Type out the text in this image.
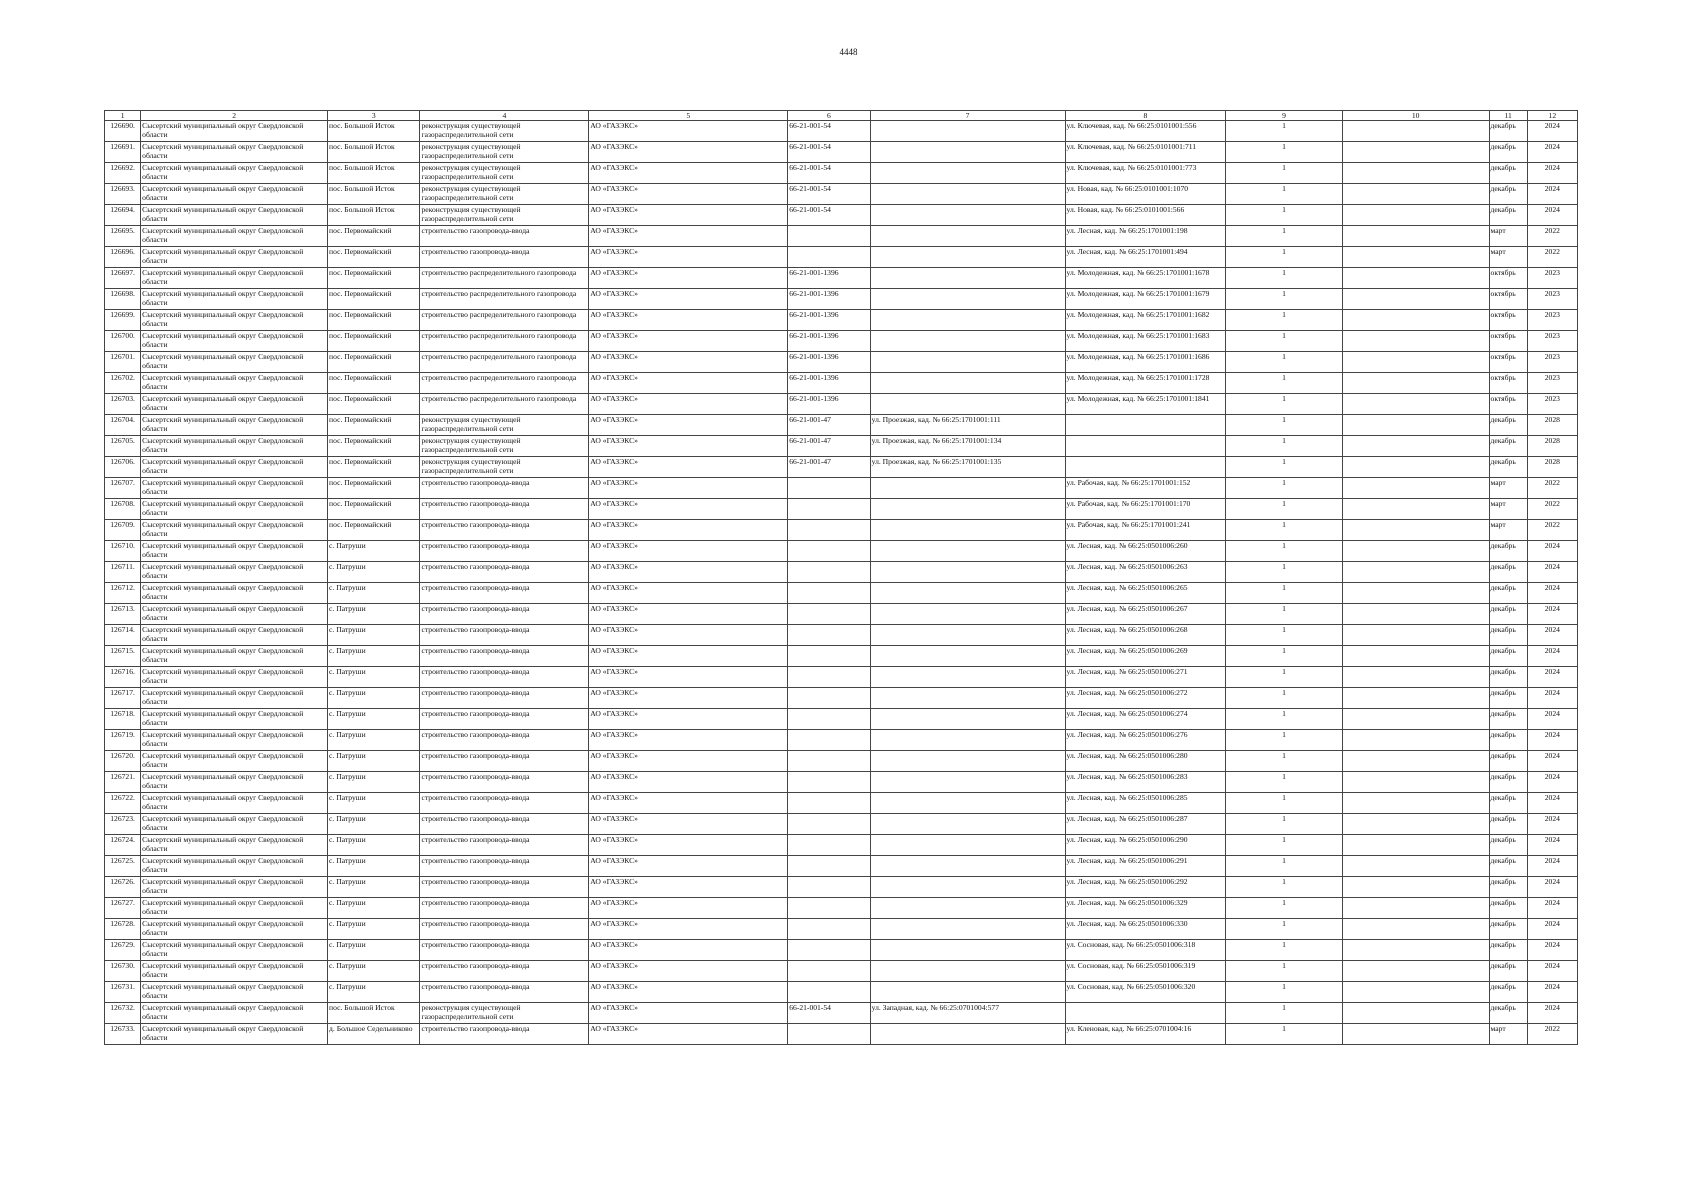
4448
1	2	3	4	5	6	7	8	9	10	11	12
126690.	Сысертский муниципальный округ Свердловской области	пос. Большой Исток	реконструкция существующей газораспределительной сети	АО «ГАЗЭКС»	66-21-001-54		ул. Ключевая, кад. № 66:25:0101001:556	1		декабрь	2024
126691.	Сысертский муниципальный округ Свердловской области	пос. Большой Исток	реконструкция существующей газораспределительной сети	АО «ГАЗЭКС»	66-21-001-54		ул. Ключевая, кад. № 66:25:0101001:711	1		декабрь	2024
126692.	Сысертский муниципальный округ Свердловской области	пос. Большой Исток	реконструкция существующей газораспределительной сети	АО «ГАЗЭКС»	66-21-001-54		ул. Ключевая, кад. № 66:25:0101001:773	1		декабрь	2024
126693.	Сысертский муниципальный округ Свердловской области	пос. Большой Исток	реконструкция существующей газораспределительной сети	АО «ГАЗЭКС»	66-21-001-54		ул. Новая, кад. № 66:25:0101001:1070	1		декабрь	2024
126694.	Сысертский муниципальный округ Свердловской области	пос. Большой Исток	реконструкция существующей газораспределительной сети	АО «ГАЗЭКС»	66-21-001-54		ул. Новая, кад. № 66:25:0101001:566	1		декабрь	2024
126695.	Сысертский муниципальный округ Свердловской области	пос. Первомайский	строительство газопровода-ввода	АО «ГАЗЭКС»			ул. Лесная, кад. № 66:25:1701001:198	1		март	2022
126696.	Сысертский муниципальный округ Свердловской области	пос. Первомайский	строительство газопровода-ввода	АО «ГАЗЭКС»			ул. Лесная, кад. № 66:25:1701001:494	1		март	2022
126697.	Сысертский муниципальный округ Свердловской области	пос. Первомайский	строительство распределительного газопровода	АО «ГАЗЭКС»	66-21-001-1396		ул. Молодежная, кад. № 66:25:1701001:1678	1		октябрь	2023
126698.	Сысертский муниципальный округ Свердловской области	пос. Первомайский	строительство распределительного газопровода	АО «ГАЗЭКС»	66-21-001-1396		ул. Молодежная, кад. № 66:25:1701001:1679	1		октябрь	2023
126699.	Сысертский муниципальный округ Свердловской области	пос. Первомайский	строительство распределительного газопровода	АО «ГАЗЭКС»	66-21-001-1396		ул. Молодежная, кад. № 66:25:1701001:1682	1		октябрь	2023
126700.	Сысертский муниципальный округ Свердловской области	пос. Первомайский	строительство распределительного газопровода	АО «ГАЗЭКС»	66-21-001-1396		ул. Молодежная, кад. № 66:25:1701001:1683	1		октябрь	2023
126701.	Сысертский муниципальный округ Свердловской области	пос. Первомайский	строительство распределительного газопровода	АО «ГАЗЭКС»	66-21-001-1396		ул. Молодежная, кад. № 66:25:1701001:1686	1		октябрь	2023
126702.	Сысертский муниципальный округ Свердловской области	пос. Первомайский	строительство распределительного газопровода	АО «ГАЗЭКС»	66-21-001-1396		ул. Молодежная, кад. № 66:25:1701001:1728	1		октябрь	2023
126703.	Сысертский муниципальный округ Свердловской области	пос. Первомайский	строительство распределительного газопровода	АО «ГАЗЭКС»	66-21-001-1396		ул. Молодежная, кад. № 66:25:1701001:1841	1		октябрь	2023
126704.	Сысертский муниципальный округ Свердловской области	пос. Первомайский	реконструкция существующей газораспределительной сети	АО «ГАЗЭКС»	66-21-001-47	ул. Проезжая, кад. № 66:25:1701001:111		1		декабрь	2028
126705.	Сысертский муниципальный округ Свердловской области	пос. Первомайский	реконструкция существующей газораспределительной сети	АО «ГАЗЭКС»	66-21-001-47	ул. Проезжая, кад. № 66:25:1701001:134		1		декабрь	2028
126706.	Сысертский муниципальный округ Свердловской области	пос. Первомайский	реконструкция существующей газораспределительной сети	АО «ГАЗЭКС»	66-21-001-47	ул. Проезжая, кад. № 66:25:1701001:135		1		декабрь	2028
126707.	Сысертский муниципальный округ Свердловской области	пос. Первомайский	строительство газопровода-ввода	АО «ГАЗЭКС»			ул. Рабочая, кад. № 66:25:1701001:152	1		март	2022
126708.	Сысертский муниципальный округ Свердловской области	пос. Первомайский	строительство газопровода-ввода	АО «ГАЗЭКС»			ул. Рабочая, кад. № 66:25:1701001:170	1		март	2022
126709.	Сысертский муниципальный округ Свердловской области	пос. Первомайский	строительство газопровода-ввода	АО «ГАЗЭКС»			ул. Рабочая, кад. № 66:25:1701001:241	1		март	2022
126710.	Сысертский муниципальный округ Свердловской области	с. Патруши	строительство газопровода-ввода	АО «ГАЗЭКС»			ул. Лесная, кад. № 66:25:0501006:260	1		декабрь	2024
126711.	Сысертский муниципальный округ Свердловской области	с. Патруши	строительство газопровода-ввода	АО «ГАЗЭКС»			ул. Лесная, кад. № 66:25:0501006:263	1		декабрь	2024
126712.	Сысертский муниципальный округ Свердловской области	с. Патруши	строительство газопровода-ввода	АО «ГАЗЭКС»			ул. Лесная, кад. № 66:25:0501006:265	1		декабрь	2024
126713.	Сысертский муниципальный округ Свердловской области	с. Патруши	строительство газопровода-ввода	АО «ГАЗЭКС»			ул. Лесная, кад. № 66:25:0501006:267	1		декабрь	2024
126714.	Сысертский муниципальный округ Свердловской области	с. Патруши	строительство газопровода-ввода	АО «ГАЗЭКС»			ул. Лесная, кад. № 66:25:0501006:268	1		декабрь	2024
126715.	Сысертский муниципальный округ Свердловской области	с. Патруши	строительство газопровода-ввода	АО «ГАЗЭКС»			ул. Лесная, кад. № 66:25:0501006:269	1		декабрь	2024
126716.	Сысертский муниципальный округ Свердловской области	с. Патруши	строительство газопровода-ввода	АО «ГАЗЭКС»			ул. Лесная, кад. № 66:25:0501006:271	1		декабрь	2024
126717.	Сысертский муниципальный округ Свердловской области	с. Патруши	строительство газопровода-ввода	АО «ГАЗЭКС»			ул. Лесная, кад. № 66:25:0501006:272	1		декабрь	2024
126718.	Сысертский муниципальный округ Свердловской области	с. Патруши	строительство газопровода-ввода	АО «ГАЗЭКС»			ул. Лесная, кад. № 66:25:0501006:274	1		декабрь	2024
126719.	Сысертский муниципальный округ Свердловской области	с. Патруши	строительство газопровода-ввода	АО «ГАЗЭКС»			ул. Лесная, кад. № 66:25:0501006:276	1		декабрь	2024
126720.	Сысертский муниципальный округ Свердловской области	с. Патруши	строительство газопровода-ввода	АО «ГАЗЭКС»			ул. Лесная, кад. № 66:25:0501006:280	1		декабрь	2024
126721.	Сысертский муниципальный округ Свердловской области	с. Патруши	строительство газопровода-ввода	АО «ГАЗЭКС»			ул. Лесная, кад. № 66:25:0501006:283	1		декабрь	2024
126722.	Сысертский муниципальный округ Свердловской области	с. Патруши	строительство газопровода-ввода	АО «ГАЗЭКС»			ул. Лесная, кад. № 66:25:0501006:285	1		декабрь	2024
126723.	Сысертский муниципальный округ Свердловской области	с. Патруши	строительство газопровода-ввода	АО «ГАЗЭКС»			ул. Лесная, кад. № 66:25:0501006:287	1		декабрь	2024
126724.	Сысертский муниципальный округ Свердловской области	с. Патруши	строительство газопровода-ввода	АО «ГАЗЭКС»			ул. Лесная, кад. № 66:25:0501006:290	1		декабрь	2024
126725.	Сысертский муниципальный округ Свердловской области	с. Патруши	строительство газопровода-ввода	АО «ГАЗЭКС»			ул. Лесная, кад. № 66:25:0501006:291	1		декабрь	2024
126726.	Сысертский муниципальный округ Свердловской области	с. Патруши	строительство газопровода-ввода	АО «ГАЗЭКС»			ул. Лесная, кад. № 66:25:0501006:292	1		декабрь	2024
126727.	Сысертский муниципальный округ Свердловской области	с. Патруши	строительство газопровода-ввода	АО «ГАЗЭКС»			ул. Лесная, кад. № 66:25:0501006:329	1		декабрь	2024
126728.	Сысертский муниципальный округ Свердловской области	с. Патруши	строительство газопровода-ввода	АО «ГАЗЭКС»			ул. Лесная, кад. № 66:25:0501006:330	1		декабрь	2024
126729.	Сысертский муниципальный округ Свердловской области	с. Патруши	строительство газопровода-ввода	АО «ГАЗЭКС»			ул. Сосновая, кад. № 66:25:0501006:318	1		декабрь	2024
126730.	Сысертский муниципальный округ Свердловской области	с. Патруши	строительство газопровода-ввода	АО «ГАЗЭКС»			ул. Сосновая, кад. № 66:25:0501006:319	1		декабрь	2024
126731.	Сысертский муниципальный округ Свердловской области	с. Патруши	строительство газопровода-ввода	АО «ГАЗЭКС»			ул. Сосновая, кад. № 66:25:0501006:320	1		декабрь	2024
126732.	Сысертский муниципальный округ Свердловской области	пос. Большой Исток	реконструкция существующей газораспределительной сети	АО «ГАЗЭКС»	66-21-001-54	ул. Западная, кад. № 66:25:0701004:577		1		декабрь	2024
126733.	Сысертский муниципальный округ Свердловской области	д. Большое Седельниково	строительство газопровода-ввода	АО «ГАЗЭКС»			ул. Кленовая, кад. № 66:25:0701004:16	1		март	2022
